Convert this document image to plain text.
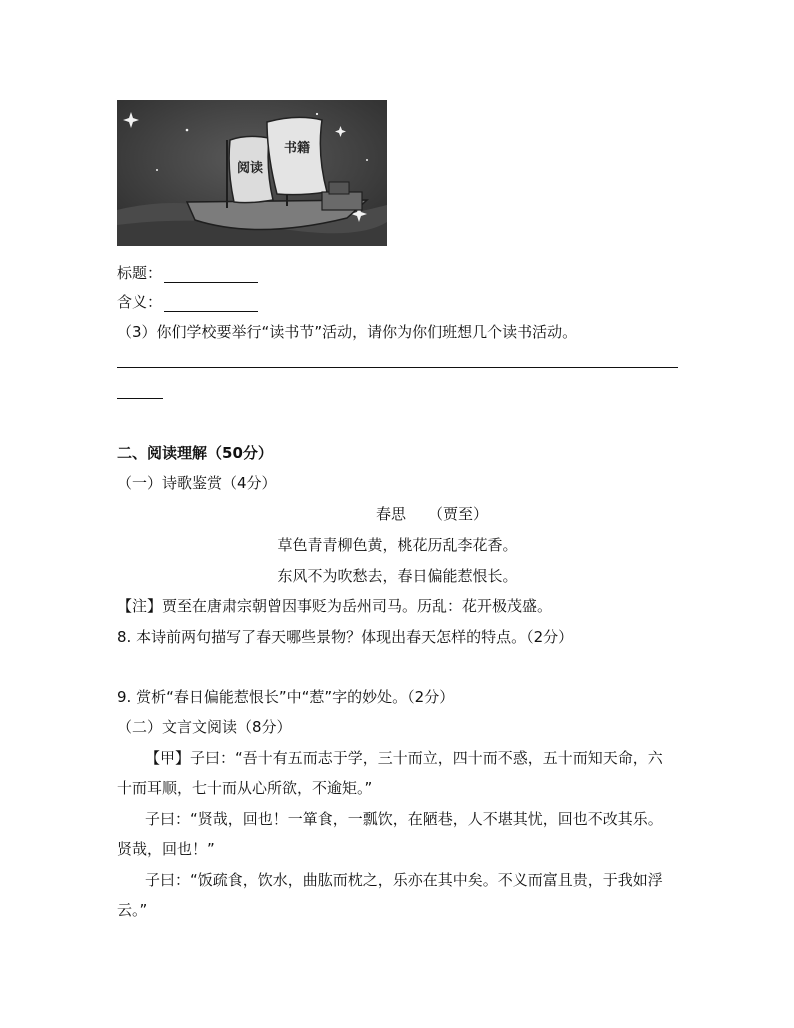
书籍
阅读
标题：
含义：
（3）你们学校要举行“读书节”活动，请你为你们班想几个读书活动。
二、阅读理解（50分）
（一）诗歌鉴赏（4分）
春思 （贾至）
草色青青柳色黄，桃花历乱李花香。
东风不为吹愁去，春日偏能惹恨长。
【注】贾至在唐肃宗朝曾因事贬为岳州司马。历乱：花开极茂盛。
8. 本诗前两句描写了春天哪些景物？体现出春天怎样的特点。（2分）
9. 赏析“春日偏能惹恨长”中“惹”字的妙处。（2分）
（二）文言文阅读（8分）
【甲】子曰：“吾十有五而志于学，三十而立，四十而不惑，五十而知天命，六
十而耳顺，七十而从心所欲，不逾矩。”
子曰：“贤哉，回也！一箪食，一瓢饮，在陋巷，人不堪其忧，回也不改其乐。
贤哉，回也！”
子曰：“饭疏食，饮水，曲肱而枕之，乐亦在其中矣。不义而富且贵，于我如浮
云。”
